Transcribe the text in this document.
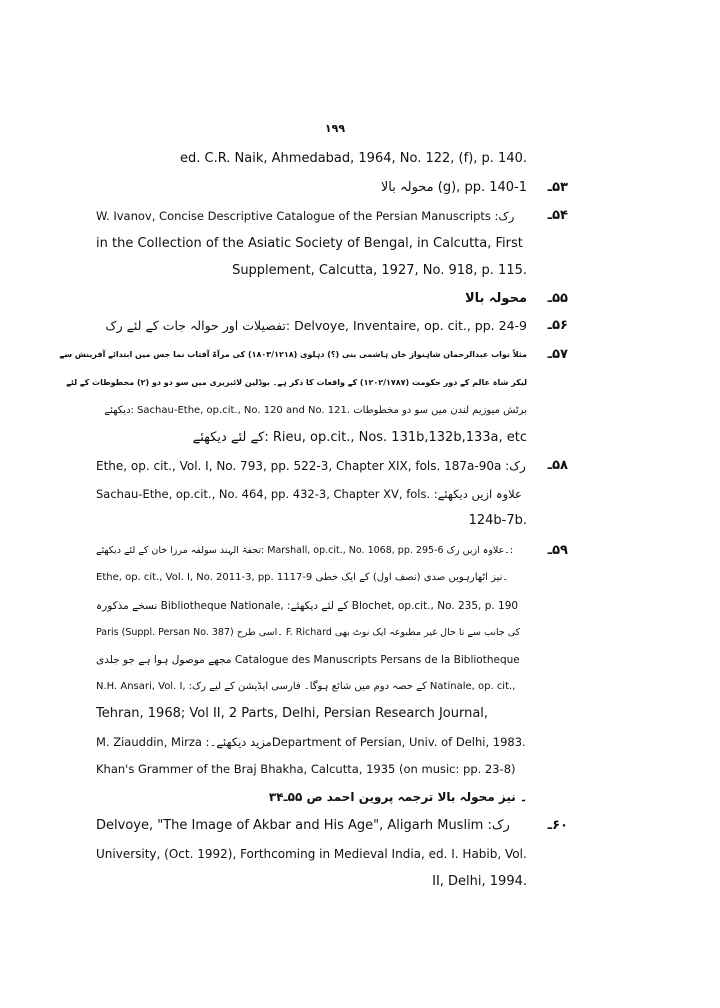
۱۹۹
ed. C.R. Naik, Ahmedabad, 1964, No. 122, (f), p. 140.
۵۳ـ
محولہ بالا (g), pp. 140-1
۵۴ـ
W. Ivanov, Concise Descriptive Catalogue of the Persian Manuscripts :رک
in the Collection of the Asiatic Society of Bengal, in Calcutta, First
Supplement, Calcutta, 1927, No. 918, p. 115.
۵۵ـ
محولہ بالا
۵۶ـ
تفصیلات اور حوالہ جات کے لئے رک: Delvoye, Inventaire, op. cit., pp. 24-9
۵۷ـ
مثلاً نواب عبدالرحمان شاہنواز خان ہاشمی بنی (؟) دہلوی (۱۸۰۳/۱۲۱۸) کی مرآۃ آفتاب نما جس میں ابتدائے آفرینش سے
لیکر شاہ عالم کے دور حکومت (۱۲۰۲/۱۷۸۷) کے واقعات کا ذکر ہے۔ بوڈلین لائبریری میں سو دو دو (۲) مخطوطات کے لئے
دیکھئے: Sachau-Ethe, op.cit., No. 120 and No. 121. برٹش میوزیم لندن میں سو دو مخطوطات
کے لئے دیکھئے: Rieu, op.cit., Nos. 131b,132b,133a, etc
۵۸ـ
Ethe, op. cit., Vol. I, No. 793, pp. 522-3, Chapter XIX, fols. 187a-90a :رک
Sachau-Ethe, op.cit., No. 464, pp. 432-3, Chapter XV, fols. :علاوہ ازیں دیکھئے
124b-7b.
۵۹ـ
تحفۃ الہند سولفہ مرزا خان کے لئے دیکھئے: Marshall, op.cit., No. 1068, pp. 295-6 ۔علاوہ ازیں رک:
Ethe, op. cit., Vol. I, No. 2011-3, pp. 1117-9 ۔نیز اٹھارہویں صدی (نصف اول) کے ایک خطی
نسخے مذکورہ Bibliotheque Nationale, :کے لئے دیکھئے Blochet, op.cit., No. 235, p. 190
Paris (Suppl. Persan No. 387) ۔اسی طرح F. Richard کی جانب سے تا حال غیر مطبوعہ ایک نوٹ بھی
مجھے موصول ہوا ہے جو جلدی Catalogue des Manuscripts Persans de la Bibliotheque
N.H. Ansari, Vol. I, :کے حصہ دوم میں شائع ہوگا۔ فارسی ایڈیشن کے لیے رک Natinale, op. cit.,
Tehran, 1968; Vol II, 2 Parts, Delhi, Persian Research Journal,
M. Ziauddin, Mirza :مزید دیکھئے۔Department of Persian, Univ. of Delhi, 1983.
Khan's Grammer of the Braj Bhakha, Calcutta, 1935 (on music: pp. 23-8)
۔ نیز محولہ بالا ترجمہ پروین احمد ص ۵۵ـ۳۴
۶۰ـ
Delvoye, "The Image of Akbar and His Age", Aligarh Muslim :رک
University, (Oct. 1992), Forthcoming in Medieval India, ed. I. Habib, Vol.
II, Delhi, 1994.
